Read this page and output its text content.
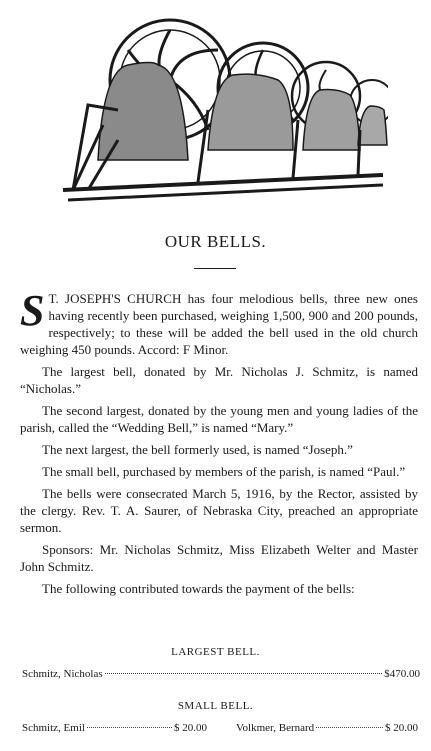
OUR BELLS.

S T. JOSEPH'S CHURCH has four melodious bells, three new ones having recently been purchased, weighing 1,500, 900 and 200 pounds, respectively; to these will be added the bell used in the old church weighing 450 pounds. Accord: F Minor.

The largest bell, donated by Mr. Nicholas J. Schmitz, is named “Nicholas.”

The second largest, donated by the young men and young ladies of the parish, called the “Wedding Bell,” is named “Mary.”

The next largest, the bell formerly used, is named “Joseph.”

The small bell, purchased by members of the parish, is named “Paul.”

The bells were consecrated March 5, 1916, by the Rector, assisted by the clergy. Rev. T. A. Saurer, of Nebraska City, preached an appropriate sermon.

Sponsors: Mr. Nicholas Schmitz, Miss Elizabeth Welter and Master John Schmitz.

The following contributed towards the payment of the bells:

LARGEST BELL.
Schmitz, Nicholas	$470.00
SMALL BELL.
Schmitz, Emil	$ 20.00	Volkmer, Bernard	$ 20.00
